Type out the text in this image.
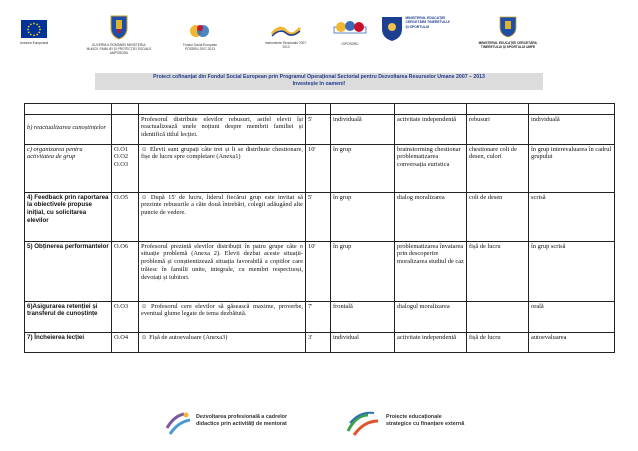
Uniunea Europeană	GUVERNUL ROMÂNIEI MINISTERUL MUNCII, FAMILIEI ŞI PROTECŢIEI SOCIALE AMPOSDRU
Fondul Social European POSDRU 2007-2013
Instrumente Structurale 2007-2013
OIPOSDRU
MINISTERUL EDUCAŢIEI CERCETĂRII TINERETULUI ŞI SPORTULUI
MINISTERUL EDUCAŢIEI CERCETĂRII, TINERETULUI ŞI SPORTULUI UMFE
Proiect cofinanțat din Fondul Social European prin Programul Operațional Sectorial pentru Dezvoltarea Resurselor Umane 2007 – 2013
Investește în oameni!

b) reactualizarea cunoștințelor		Profesorul distribuie elevilor rebusuri, astfel elevii își reactualizează unele noțiuni despre membrii familiei și identifică titlul lecției.	5'	individuală	activitate independentă	rebusuri	individuală
c) organizarea pentru activitatea de grup	O.O1 O.O2 O.O3	☺ Elevii sunt grupați câte trei și li se distribuie chestionare, fișe de lucru spre completare (Anexa1)	10'	în grup	brainstorming chestionar problematizarea conversația euristica	chestionare coli de desen, culori	în grup interevaluarea în cadrul grupului
4) Feedback prin raportarea la obiectivele propuse inițial, cu solicitarea elevilor	O.O5	☺ După 15' de lucru, liderul fiecărui grup este invitat să prezinte rebusurile a căte două întrebări, colegii adăugând alte puncte de vedere.	5'	în grup	dialog moralizarea	coli de desen	scrisă
5) Obținerea performantelor	O.O6	Profesorul prezintă elevilor distribuții în patru grupe câte o situație problemă (Anexa 2). Elevii dezbat aceste situații-problemă și conștientizează situația favorabilă a copiilor care trăiesc în familii unite, integrale, cu membri respectuoși, devotați și iubitori.	10'	în grup	problematizarea învatarea prin descoperire moralizarea studiul de caz	fișă de lucru	în grup scrisă
6)Asigurarea retenției și transferul de cunoștințe	O.O3	☺ Profesorul cere elevilor să găsească maxime, proverbe, eventual glume legate de tema dezbătută.	7'	frontală	dialogul moralizarea		orală
7) Încheierea lecției	O.O4	☺ Fișă de autoevaluare (Anexa3)	3'	individual	activitate independentă	fișă de lucru	autoevaluarea
Dezvoltarea profesională a cadrelor
didactice prin activități de mentorat
Proiecte educaționale
strategice cu finanțare externă
